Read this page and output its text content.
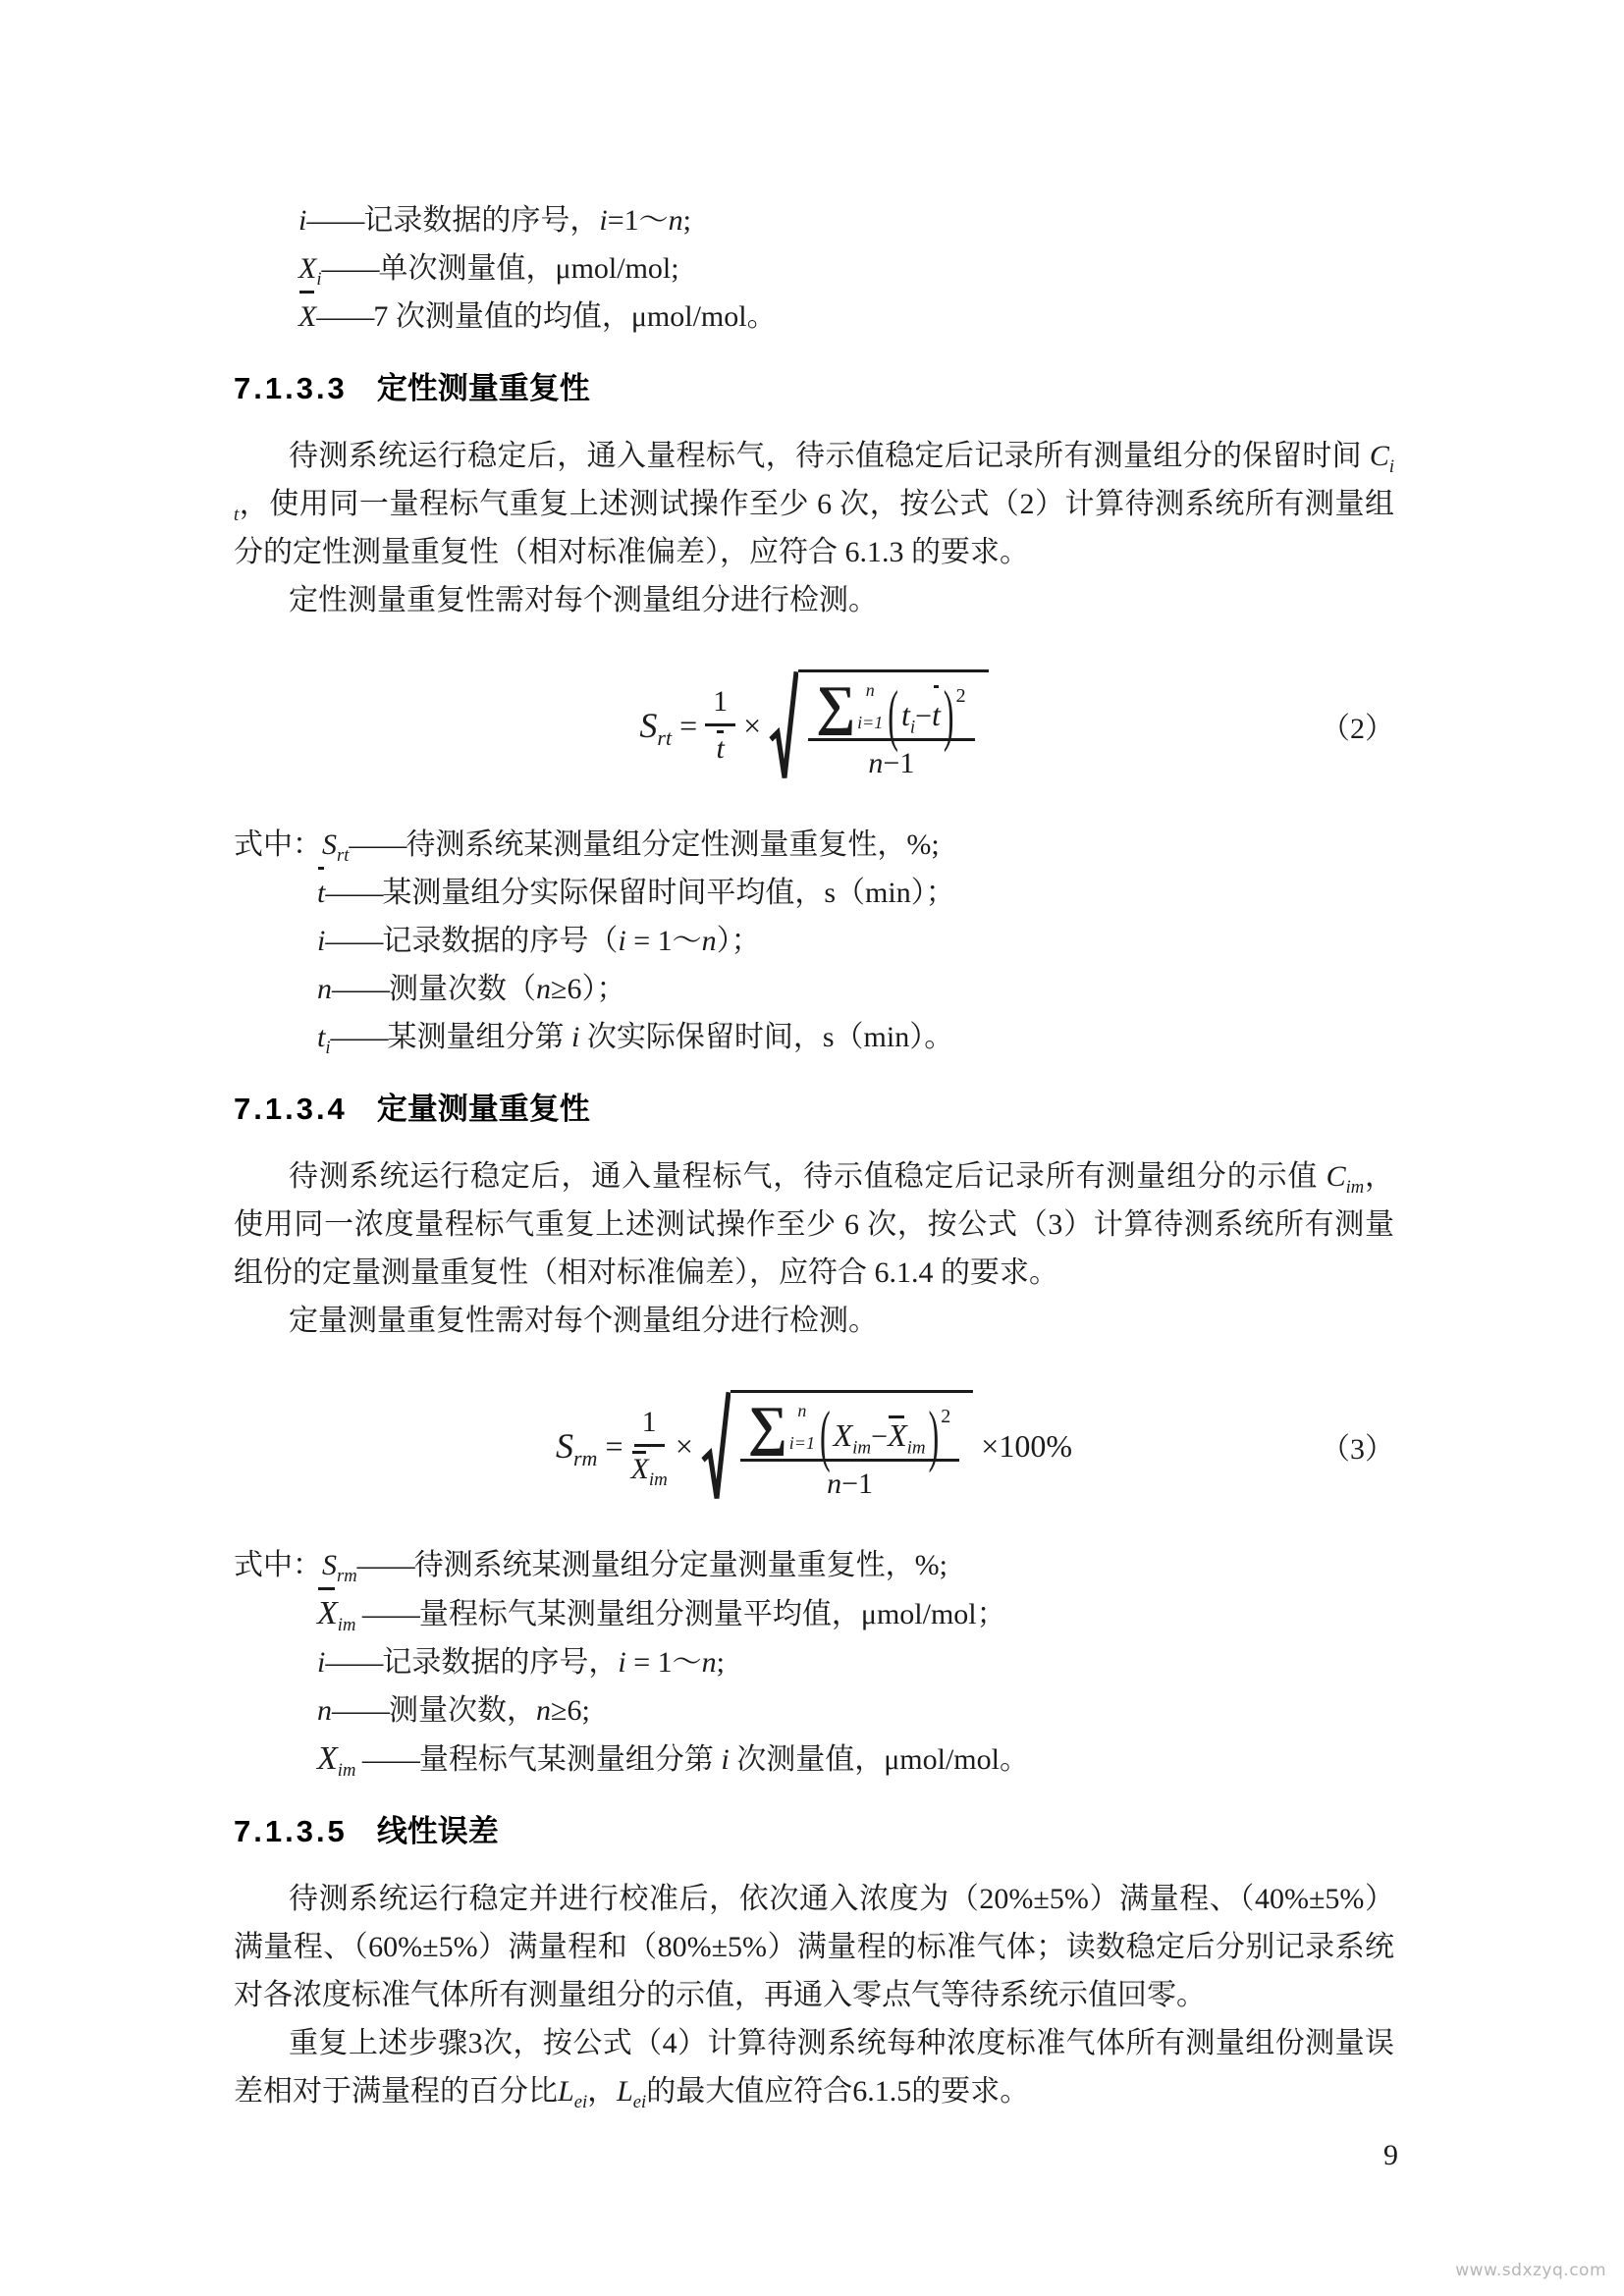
i——记录数据的序号，i=1～n;
$X_i——$单次测量值，μmol/mol;
X——7 次测量值的均值，μmol/mol。
7.1.3.3 定性测量重复性

待测系统运行稳定后，通入量程标气，待示值稳定后记录所有测量组分的保留时间 $C_{it}$，使用同一量程标气重复上述测试操作至少 6 次，按公式（2）计算待测系统所有测量组分的定性测量重复性（相对标准偏差），应符合 6.1.3 的要求。

定性测量重复性需对每个测量组分进行检测。

$S_{rt} = \frac{1}{t}$ × ∑ n
i=1 ( $t_i - t$ ) 2
n−1
（2）
式中：$S_{rt}——$待测系统某测量组分定性测量重复性，%;
t——某测量组分实际保留时间平均值，s（min）；
i——记录数据的序号（i = 1～n）；
n——测量次数（n≥6）；
$t_i——$某测量组分第 i 次实际保留时间，s（min）。
7.1.3.4 定量测量重复性

待测系统运行稳定后，通入量程标气，待示值稳定后记录所有测量组分的示值 $C_{im}$，使用同一浓度量程标气重复上述测试操作至少 6 次，按公式（3）计算待测系统所有测量组份的定量测量重复性（相对标准偏差），应符合 6.1.4 的要求。

定量测量重复性需对每个测量组分进行检测。

$S_{rm} = \frac{1}{X_{im}}$ × ∑ n
i=1 ( $X_{im} - X_{im}$ ) 2
n−1
×100%	（3）
式中：$S_{rm}——$待测系统某测量组分定量测量重复性，%;
$X_{im}$ ——量程标气某测量组分测量平均值，μmol/mol；
i——记录数据的序号，i = 1～n;
n——测量次数，n≥6;
$X_{im}$ ——量程标气某测量组分第 i 次测量值，μmol/mol。
7.1.3.5 线性误差

待测系统运行稳定并进行校准后，依次通入浓度为（20%±5%）满量程、（40%±5%）满量程、（60%±5%）满量程和（80%±5%）满量程的标准气体；读数稳定后分别记录系统对各浓度标准气体所有测量组分的示值，再通入零点气等待系统示值回零。

重复上述步骤3次，按公式（4）计算待测系统每种浓度标准气体所有测量组份测量误差相对于满量程的百分比$L_{ei}$，$L_{ei}$的最大值应符合6.1.5的要求。

9
www.sdxzyq.com
